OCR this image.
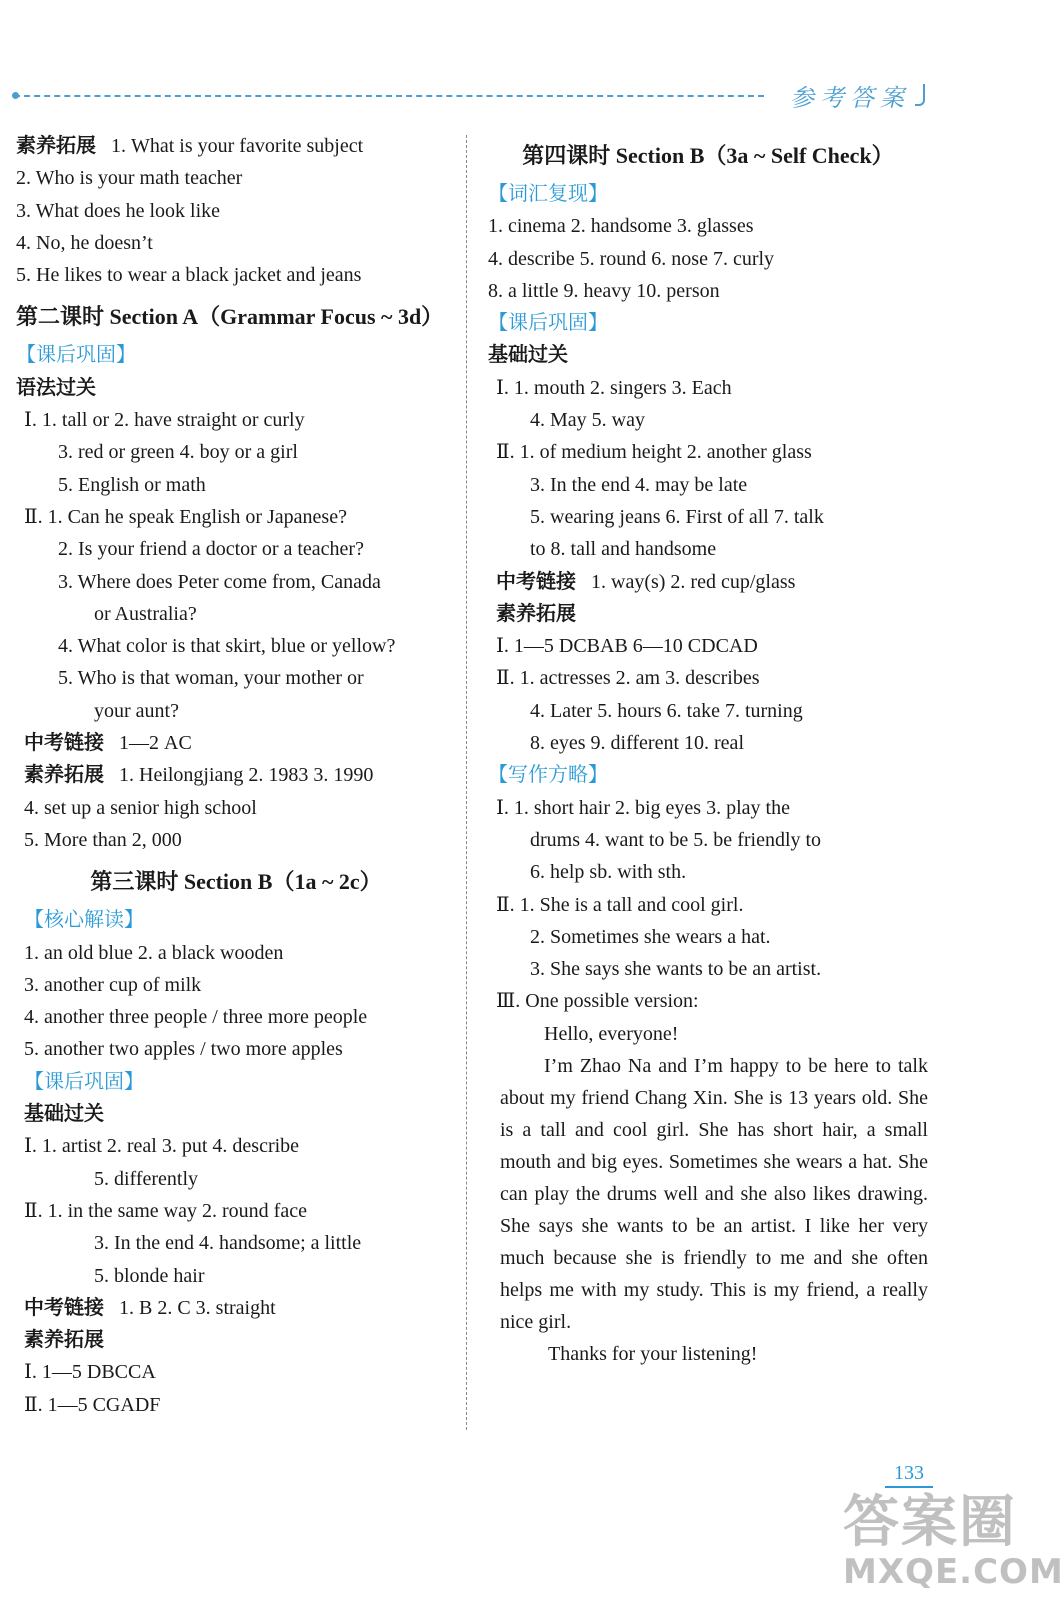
参考答案
素养拓展 1. What is your favorite subject
2. Who is your math teacher
3. What does he look like
4. No, he doesn’t
5. He likes to wear a black jacket and jeans
第二课时 Section A（Grammar Focus ~ 3d）
【课后巩固】
语法过关
Ⅰ. 1. tall or 2. have straight or curly
3. red or green 4. boy or a girl
5. English or math
Ⅱ. 1. Can he speak English or Japanese?
2. Is your friend a doctor or a teacher?
3. Where does Peter come from, Canada
or Australia?
4. What color is that skirt, blue or yellow?
5. Who is that woman, your mother or
your aunt?
中考链接 1—2 AC
素养拓展 1. Heilongjiang 2. 1983 3. 1990
4. set up a senior high school
5. More than 2, 000
第三课时 Section B（1a ~ 2c）
【核心解读】
1. an old blue 2. a black wooden
3. another cup of milk
4. another three people / three more people
5. another two apples / two more apples
【课后巩固】
基础过关
Ⅰ. 1. artist 2. real 3. put 4. describe
5. differently
Ⅱ. 1. in the same way 2. round face
3. In the end 4. handsome; a little
5. blonde hair
中考链接 1. B 2. C 3. straight
素养拓展
Ⅰ. 1—5 DBCCA
Ⅱ. 1—5 CGADF
第四课时 Section B（3a ~ Self Check）
【词汇复现】
1. cinema 2. handsome 3. glasses
4. describe 5. round 6. nose 7. curly
8. a little 9. heavy 10. person
【课后巩固】
基础过关
Ⅰ. 1. mouth 2. singers 3. Each
4. May 5. way
Ⅱ. 1. of medium height 2. another glass
3. In the end 4. may be late
5. wearing jeans 6. First of all 7. talk
to 8. tall and handsome
中考链接 1. way(s) 2. red cup/glass
素养拓展
Ⅰ. 1—5 DCBAB 6—10 CDCAD
Ⅱ. 1. actresses 2. am 3. describes
4. Later 5. hours 6. take 7. turning
8. eyes 9. different 10. real
【写作方略】
Ⅰ. 1. short hair 2. big eyes 3. play the
drums 4. want to be 5. be friendly to
6. help sb. with sth.
Ⅱ. 1. She is a tall and cool girl.
2. Sometimes she wears a hat.
3. She says she wants to be an artist.
Ⅲ. One possible version:
Hello, everyone!
I’m Zhao Na and I’m happy to be here to talk about my friend Chang Xin. She is 13 years old. She is a tall and cool girl. She has short hair, a small mouth and big eyes. Sometimes she wears a hat. She can play the drums well and she also likes drawing. She says she wants to be an artist. I like her very much because she is friendly to me and she often helps me with my study. This is my friend, a really nice girl.
Thanks for your listening!
133
答案圈
MXQE.COM
